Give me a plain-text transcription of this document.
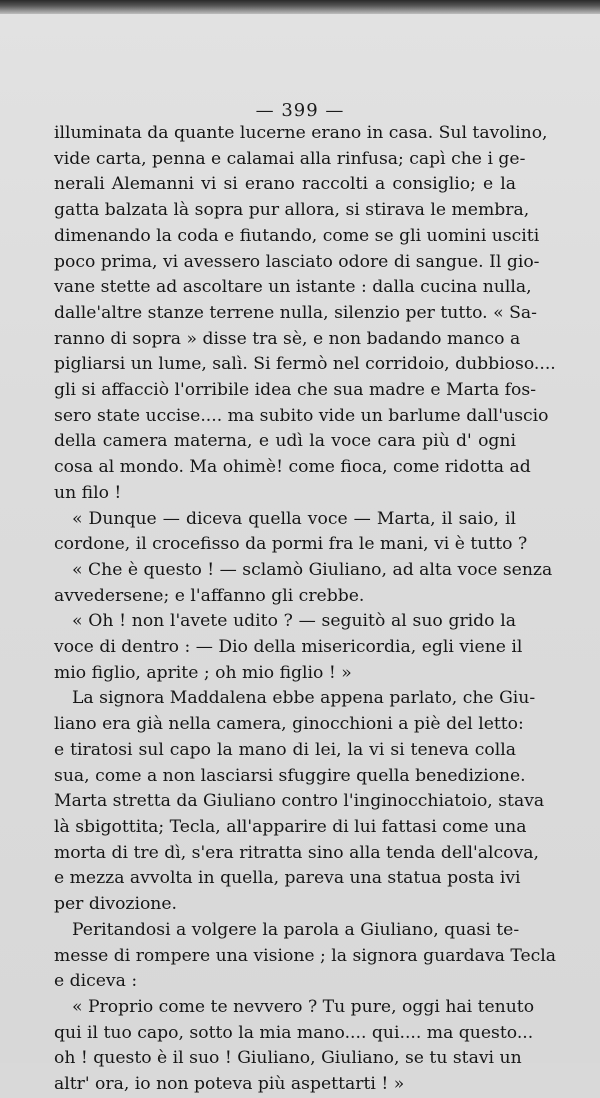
— 399 —
illuminata da quante lucerne erano in casa. Sul tavolino,
vide carta, penna e calamai alla rinfusa; capì che i ge-
nerali Alemanni vi si erano raccolti a consiglio; e la
gatta balzata là sopra pur allora, si stirava le membra,
dimenando la coda e fiutando, come se gli uomini usciti
poco prima, vi avessero lasciato odore di sangue. Il gio-
vane stette ad ascoltare un istante : dalla cucina nulla,
dalle'altre stanze terrene nulla, silenzio per tutto. « Sa-
ranno di sopra » disse tra sè, e non badando manco a
pigliarsi un lume, salì. Si fermò nel corridoio, dubbioso....
gli si affacciò l'orribile idea che sua madre e Marta fos-
sero state uccise.... ma subito vide un barlume dall'uscio
della camera materna, e udì la voce cara più d' ogni
cosa al mondo. Ma ohimè! come fioca, come ridotta ad
un filo !
« Dunque — diceva quella voce — Marta, il saio, il
cordone, il crocefisso da pormi fra le mani, vi è tutto ?
« Che è questo ! — sclamò Giuliano, ad alta voce senza
avvedersene; e l'affanno gli crebbe.
« Oh ! non l'avete udito ? — seguitò al suo grido la
voce di dentro : — Dio della misericordia, egli viene il
mio figlio, aprite ; oh mio figlio ! »
La signora Maddalena ebbe appena parlato, che Giu-
liano era già nella camera, ginocchioni a piè del letto:
e tiratosi sul capo la mano di lei, la vi si teneva colla
sua, come a non lasciarsi sfuggire quella benedizione.
Marta stretta da Giuliano contro l'inginocchiatoio, stava
là sbigottita; Tecla, all'apparire di lui fattasi come una
morta di tre dì, s'era ritratta sino alla tenda dell'alcova,
e mezza avvolta in quella, pareva una statua posta ivi
per divozione.
Peritandosi a volgere la parola a Giuliano, quasi te-
messe di rompere una visione ; la signora guardava Tecla
e diceva :
« Proprio come te nevvero ? Tu pure, oggi hai tenuto
qui il tuo capo, sotto la mia mano.... qui.... ma questo...
oh ! questo è il suo ! Giuliano, Giuliano, se tu stavi un
altr' ora, io non poteva più aspettarti ! »
